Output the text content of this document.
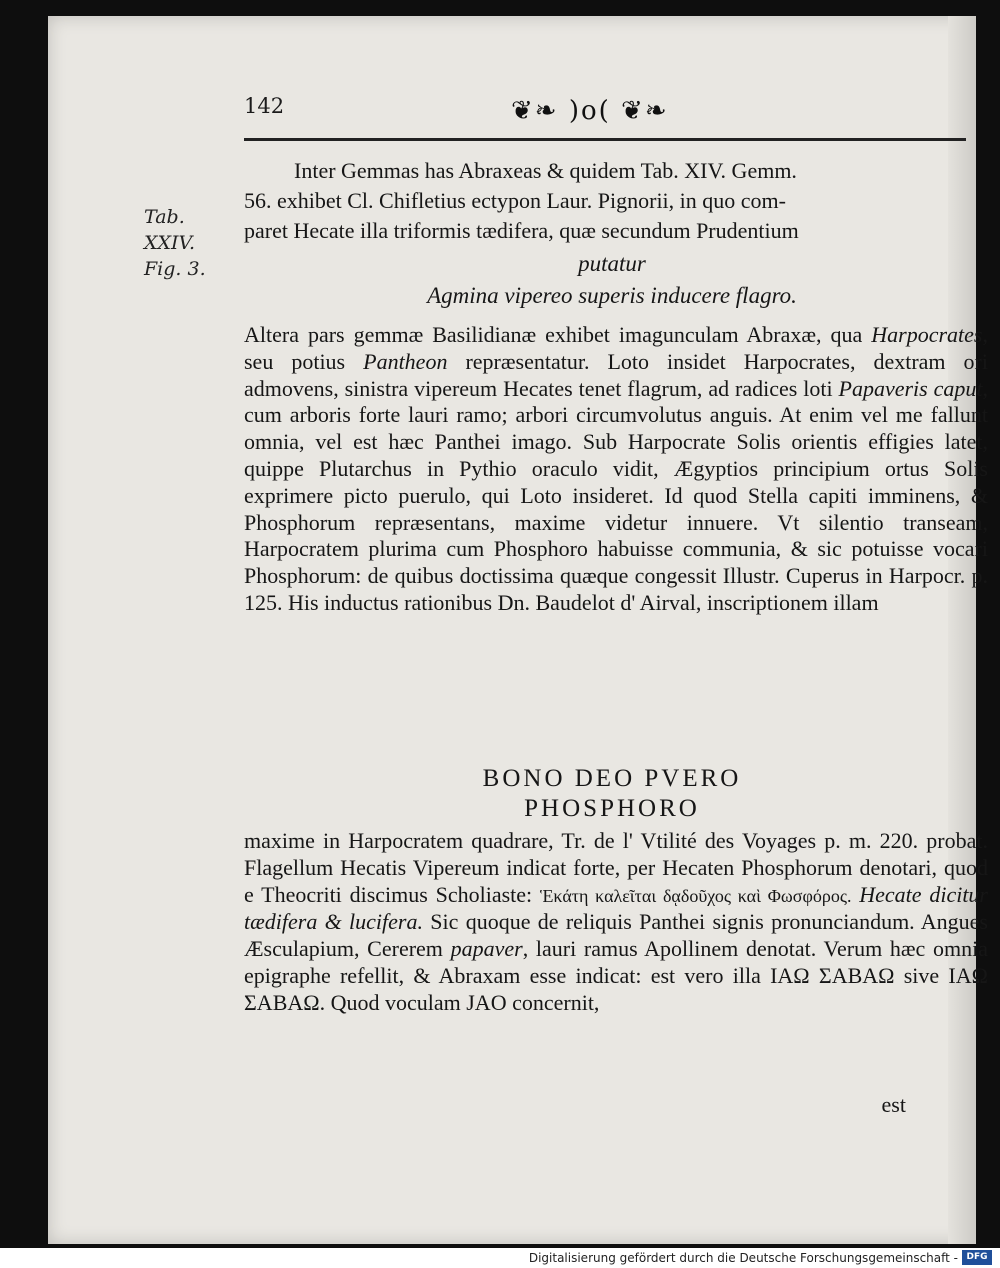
142	❦❧ )o( ❦❧
Tab.
XXIV.
Fig. 3.

Inter Gemmas has Abraxeas & quidem Tab. XIV. Gemm.

56. exhibet Cl. Chifletius ectypon Laur. Pignorii, in quo com-

paret Hecate illa triformis tædifera, quæ secundum Prudentium

putatur
Agmina vipereo superis inducere flagro.

Altera pars gemmæ Basilidianæ exhibet imagunculam Abraxæ, qua Harpocrates, seu potius Pantheon repræsentatur. Loto insidet Harpocrates, dextram ori admovens, sinistra vipereum Hecates tenet flagrum, ad radices loti Papaveris caput, cum arboris forte lauri ramo; arbori circumvolutus anguis. At enim vel me fallunt omnia, vel est hæc Panthei imago. Sub Harpocrate Solis orientis effigies latet, quippe Plutarchus in Pythio oraculo vidit, Ægyptios principium ortus Solis exprimere picto puerulo, qui Loto insideret. Id quod Stella capiti imminens, & Phosphorum repræsentans, maxime videtur innuere. Vt silentio transeam, Harpocratem plurima cum Phosphoro habuisse communia, & sic potuisse vocari Phosphorum: de quibus doctissima quæque congessit Illustr. Cuperus in Harpocr. p. 125. His inductus rationibus Dn. Baudelot d' Airval, inscriptionem illam

BONO DEO PVERO
PHOSPHORO

maxime in Harpocratem quadrare, Tr. de l' Vtilité des Voyages p. m. 220. probat. Flagellum Hecatis Vipereum indicat forte, per Hecaten Phosphorum denotari, quod e Theocriti discimus Scholiaste: Ἑκάτη καλεῖται δᾳδοῦχος καὶ Φωσφόρος. Hecate dicitur tædifera & lucifera. Sic quoque de reliquis Panthei signis pronunciandum. Angues Æsculapium, Cererem papaver, lauri ramus Apollinem denotat. Verum hæc omnia epigraphe refellit, & Abraxam esse indicat: est vero illa ΙΑΩ ΣΑΒΑΩ sive ΙΑΩ ΣΑΒΑΩ. Quod voculam JAO concernit,

est
Digitalisierung gefördert durch die Deutsche Forschungsgemeinschaft - DFG
